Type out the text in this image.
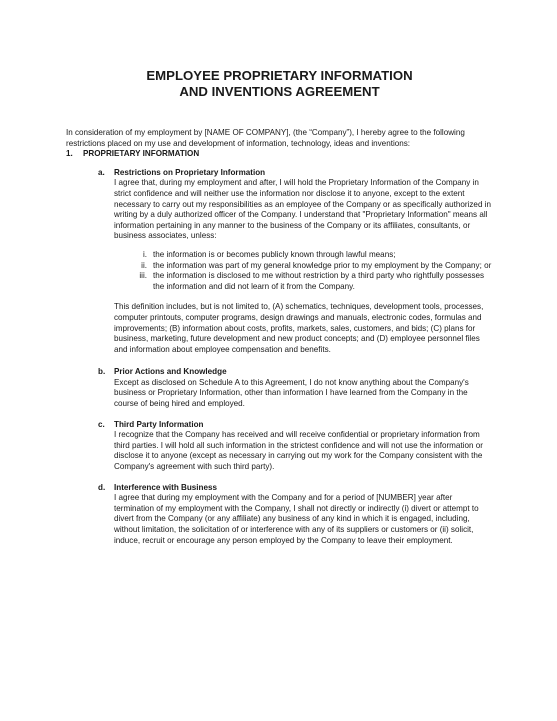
EMPLOYEE PROPRIETARY INFORMATION
AND INVENTIONS AGREEMENT

In consideration of my employment by [NAME OF COMPANY], (the “Company”), I hereby agree to the following restrictions placed on my use and development of information, technology, ideas and inventions:

1.	PROPRIETARY INFORMATION
a.	Restrictions on Proprietary Information

I agree that, during my employment and after, I will hold the Proprietary Information of the Company in strict confidence and will neither use the information nor disclose it to anyone, except to the extent necessary to carry out my responsibilities as an employee of the Company or as specifically authorized in writing by a duly authorized officer of the Company. I understand that "Proprietary Information" means all information pertaining in any manner to the business of the Company or its affiliates, consultants, or business associates, unless:

i. the information is or becomes publicly known through lawful means;
ii. the information was part of my general knowledge prior to my employment by the Company; or
iii. the information is disclosed to me without restriction by a third party who rightfully possesses the information and did not learn of it from the Company.

This definition includes, but is not limited to, (A) schematics, techniques, development tools, processes, computer printouts, computer programs, design drawings and manuals, electronic codes, formulas and improvements; (B) information about costs, profits, markets, sales, customers, and bids; (C) plans for business, marketing, future development and new product concepts; and (D) employee personnel files and information about employee compensation and benefits.

b.	Prior Actions and Knowledge

Except as disclosed on Schedule A to this Agreement, I do not know anything about the Company's business or Proprietary Information, other than information I have learned from the Company in the course of being hired and employed.

c.	Third Party Information

I recognize that the Company has received and will receive confidential or proprietary information from third parties. I will hold all such information in the strictest confidence and will not use the information or disclose it to anyone (except as necessary in carrying out my work for the Company consistent with the Company's agreement with such third party).

d.	Interference with Business

I agree that during my employment with the Company and for a period of [NUMBER] year after termination of my employment with the Company, I shall not directly or indirectly (i) divert or attempt to divert from the Company (or any affiliate) any business of any kind in which it is engaged, including, without limitation, the solicitation of or interference with any of its suppliers or customers or (ii) solicit, induce, recruit or encourage any person employed by the Company to leave their employment.
